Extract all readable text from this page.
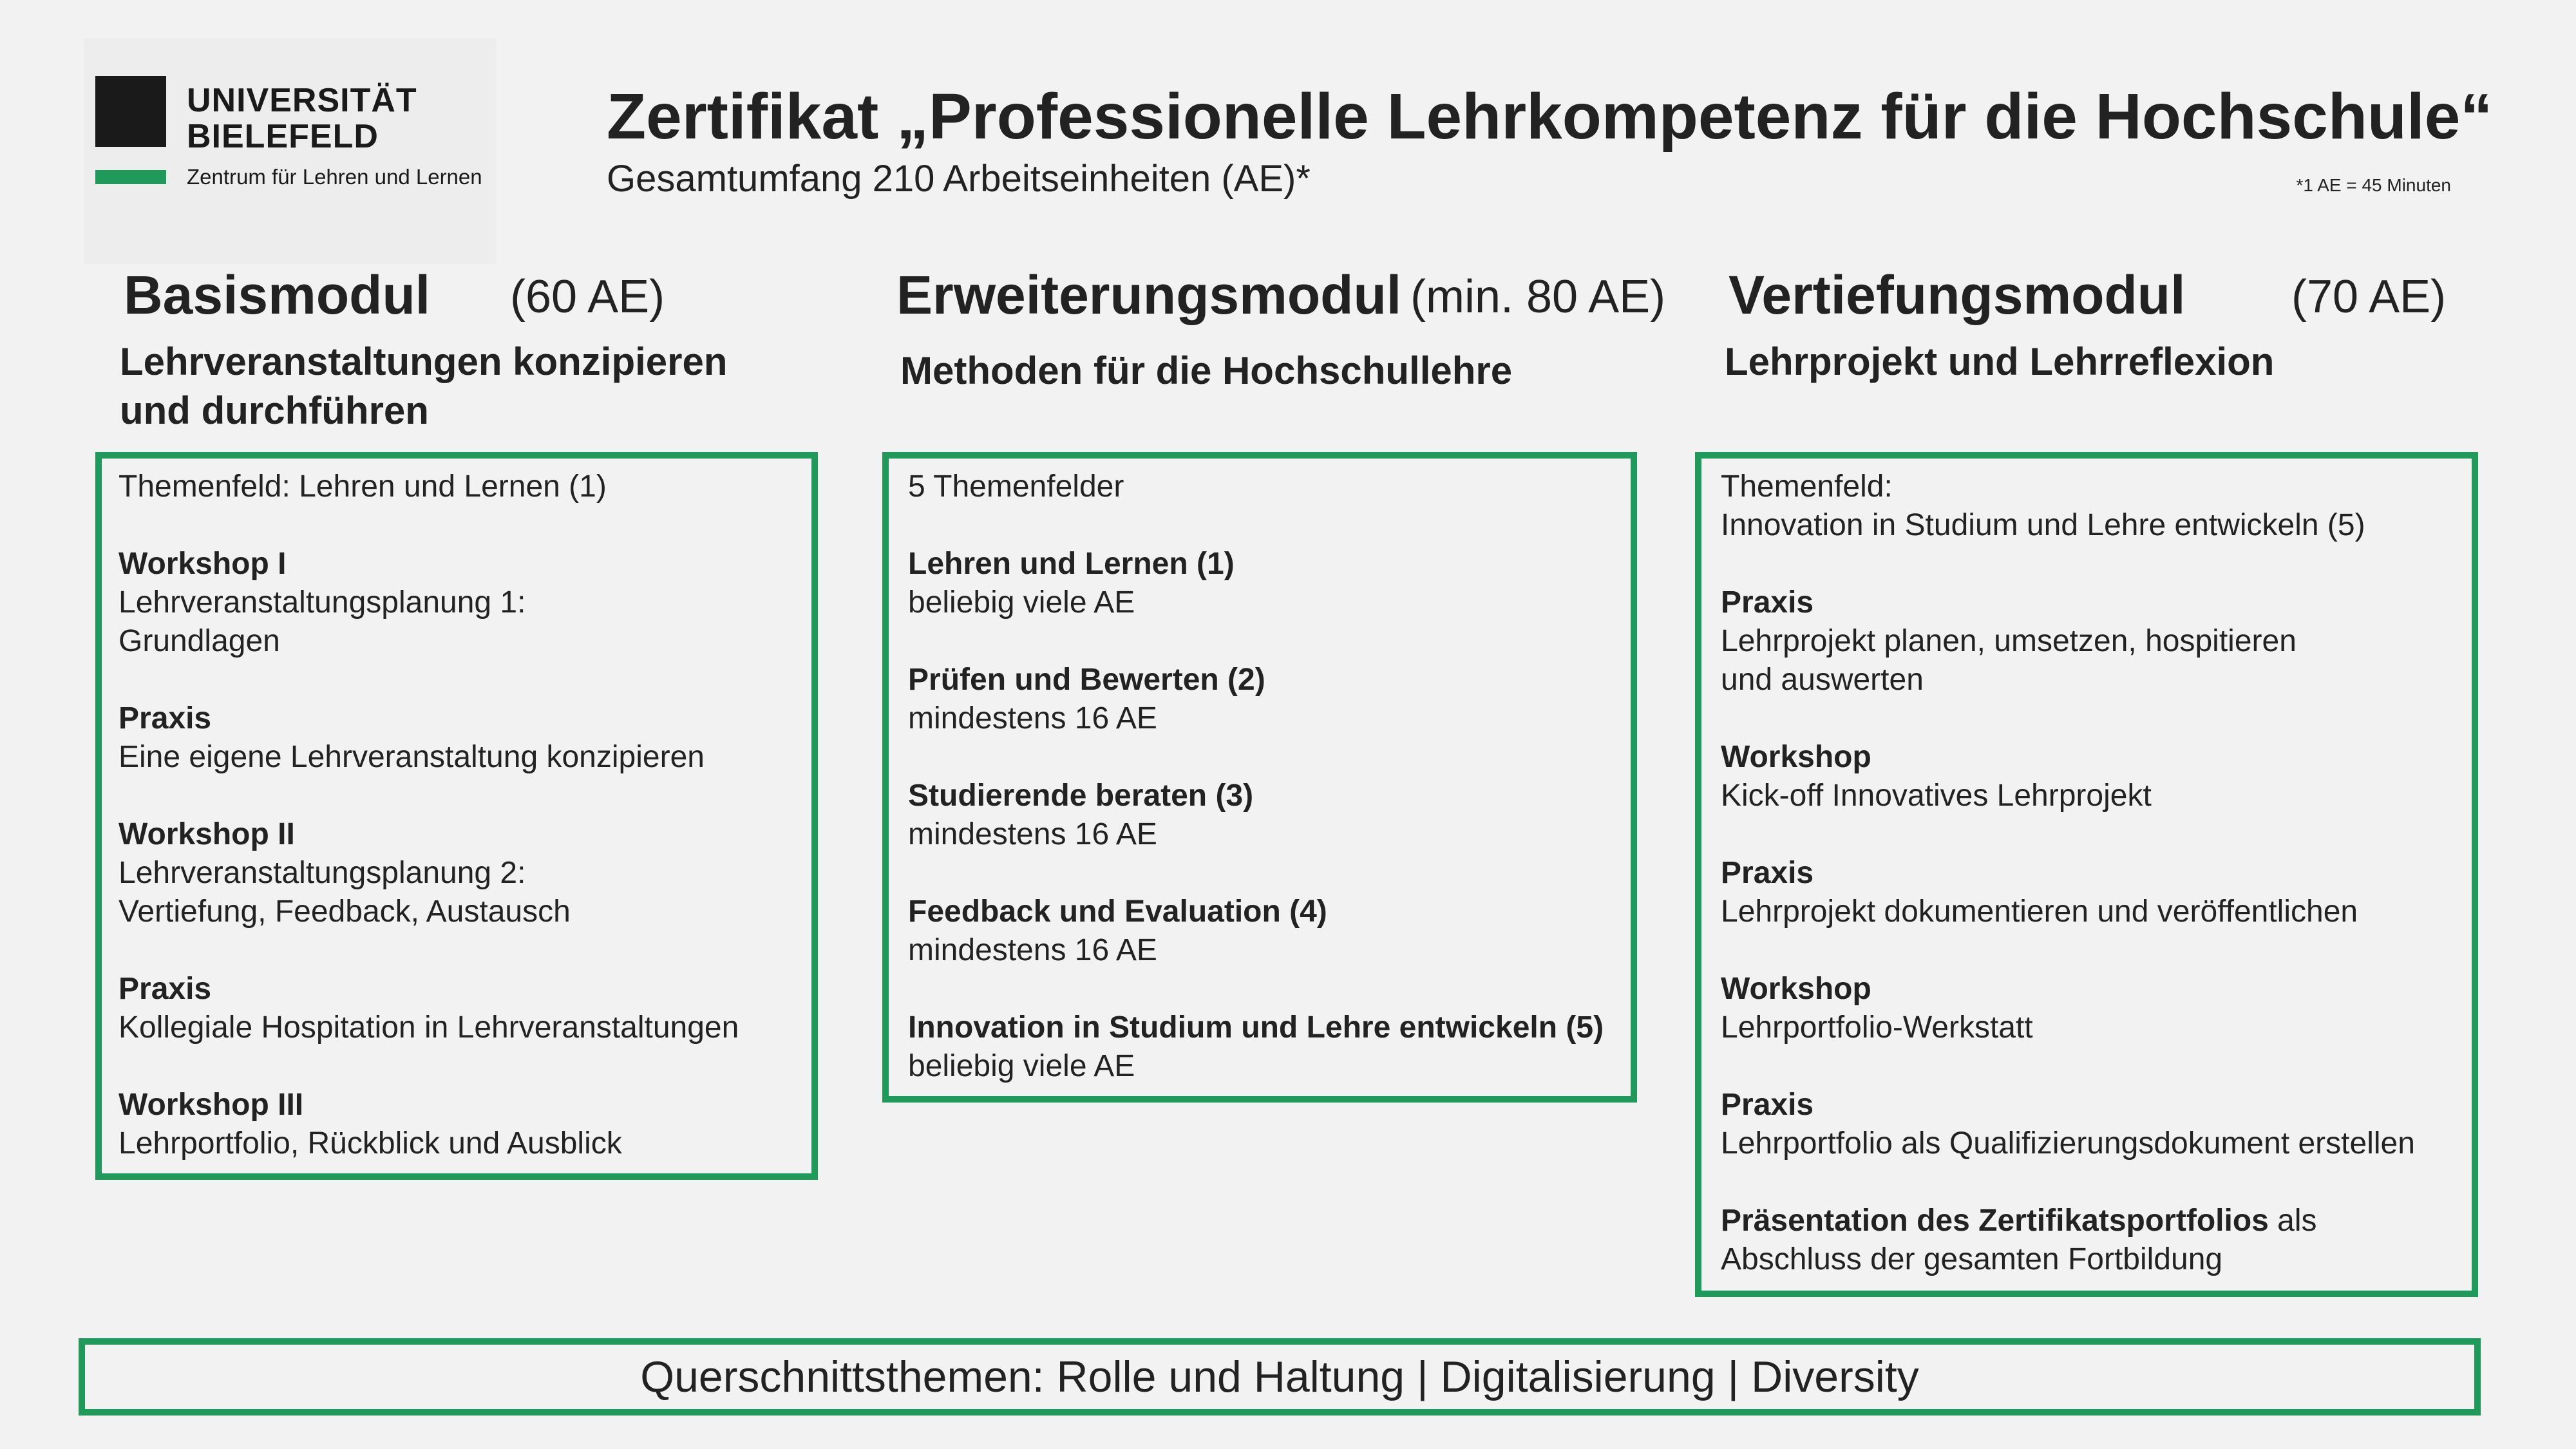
UNIVERSITÄT
BIELEFELD
Zentrum für Lehren und Lernen
Zertifikat „Professionelle Lehrkompetenz für die Hochschule“
Gesamtumfang 210 Arbeitseinheiten (AE)*	*1 AE = 45 Minuten
Basismodul (60 AE)
Lehrveranstaltungen konzipieren
und durchführen
Themenfeld: Lehren und Lernen (1)
Workshop I
Lehrveranstaltungsplanung 1:
Grundlagen
Praxis
Eine eigene Lehrveranstaltung konzipieren
Workshop II
Lehrveranstaltungsplanung 2:
Vertiefung, Feedback, Austausch
Praxis
Kollegiale Hospitation in Lehrveranstaltungen
Workshop III
Lehrportfolio, Rückblick und Ausblick
Erweiterungsmodul (min. 80 AE)
Methoden für die Hochschullehre
5 Themenfelder
Lehren und Lernen (1)
beliebig viele AE
Prüfen und Bewerten (2)
mindestens 16 AE
Studierende beraten (3)
mindestens 16 AE
Feedback und Evaluation (4)
mindestens 16 AE
Innovation in Studium und Lehre entwickeln (5)
beliebig viele AE
Vertiefungsmodul (70 AE)
Lehrprojekt und Lehrreflexion
Themenfeld:
Innovation in Studium und Lehre entwickeln (5)
Praxis
Lehrprojekt planen, umsetzen, hospitieren
und auswerten
Workshop
Kick-off Innovatives Lehrprojekt
Praxis
Lehrprojekt dokumentieren und veröffentlichen
Workshop
Lehrportfolio-Werkstatt
Praxis
Lehrportfolio als Qualifizierungsdokument erstellen
Präsentation des Zertifikatsportfolios als
Abschluss der gesamten Fortbildung
Querschnittsthemen: Rolle und Haltung | Digitalisierung | Diversity
